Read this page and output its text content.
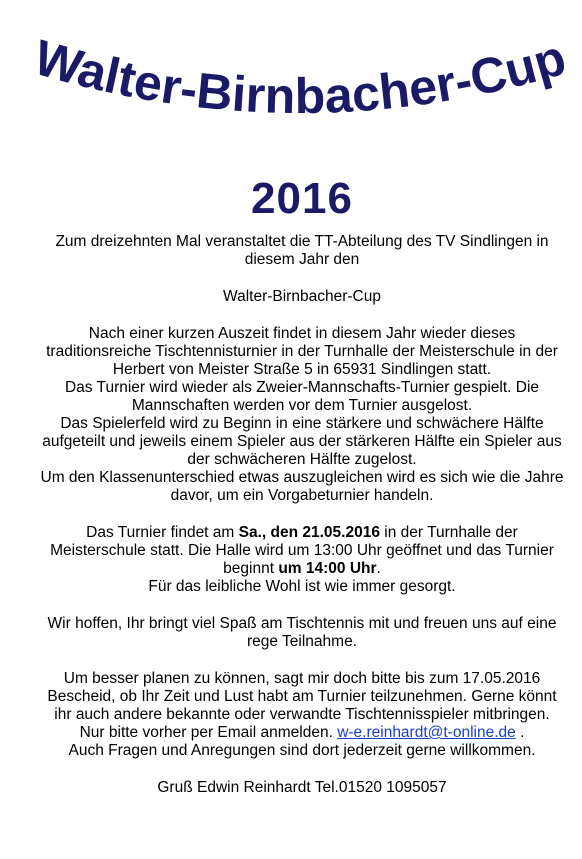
Walter-Birnbacher-Cup
2016

Zum dreizehnten Mal veranstaltet die TT-Abteilung des TV Sindlingen in diesem Jahr den

Walter-Birnbacher-Cup

Nach einer kurzen Auszeit findet in diesem Jahr wieder dieses traditionsreiche Tischtennisturnier in der Turnhalle der Meisterschule in der Herbert von Meister Straße 5 in 65931 Sindlingen statt.

Das Turnier wird wieder als Zweier-Mannschafts-Turnier gespielt. Die Mannschaften werden vor dem Turnier ausgelost.

Das Spielerfeld wird zu Beginn in eine stärkere und schwächere Hälfte aufgeteilt und jeweils einem Spieler aus der stärkeren Hälfte ein Spieler aus der schwächeren Hälfte zugelost.

Um den Klassenunterschied etwas auszugleichen wird es sich wie die Jahre davor, um ein Vorgabeturnier handeln.

Das Turnier findet am Sa., den 21.05.2016 in der Turnhalle der Meisterschule statt. Die Halle wird um 13:00 Uhr geöffnet und das Turnier beginnt um 14:00 Uhr.

Für das leibliche Wohl ist wie immer gesorgt.

Wir hoffen, Ihr bringt viel Spaß am Tischtennis mit und freuen uns auf eine rege Teilnahme.

Um besser planen zu können, sagt mir doch bitte bis zum 17.05.2016 Bescheid, ob Ihr Zeit und Lust habt am Turnier teilzunehmen. Gerne könnt ihr auch andere bekannte oder verwandte Tischtennisspieler mitbringen.

Nur bitte vorher per Email anmelden. w-e.reinhardt@t-online.de .

Auch Fragen und Anregungen sind dort jederzeit gerne willkommen.

Gruß Edwin Reinhardt Tel.01520 1095057
